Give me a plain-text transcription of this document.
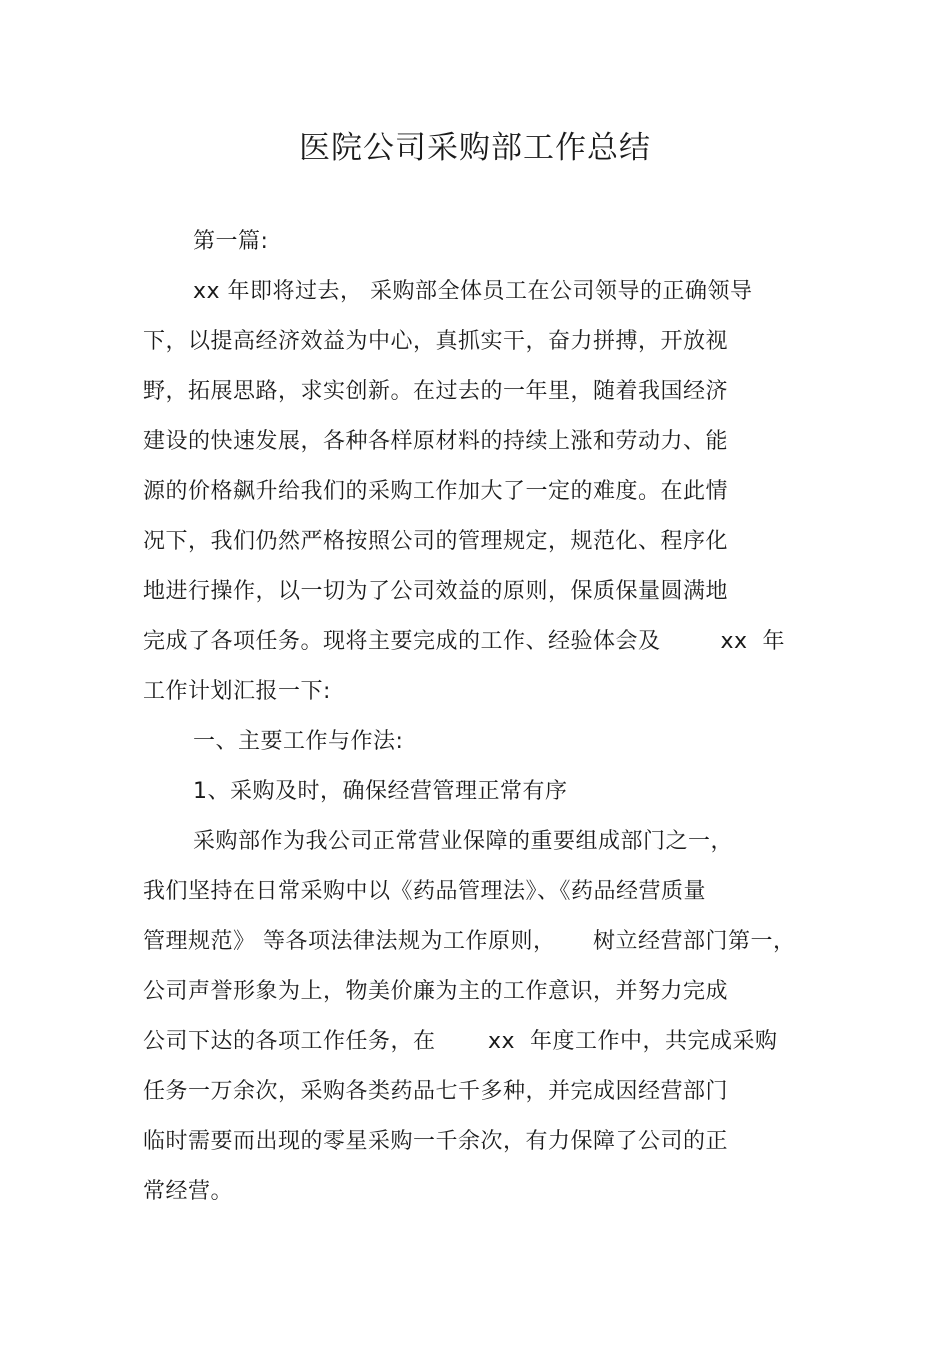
医院公司采购部工作总结
第一篇:
xx 年即将过去， 采购部全体员工在公司领导的正确领导
下，以提高经济效益为中心，真抓实干，奋力拼搏，开放视
野，拓展思路，求实创新。在过去的一年里，随着我国经济
建设的快速发展，各种各样原材料的持续上涨和劳动力、能
源的价格飙升给我们的采购工作加大了一定的难度。在此情
况下，我们仍然严格按照公司的管理规定，规范化、程序化
地进行操作，以一切为了公司效益的原则，保质保量圆满地
完成了各项任务。现将主要完成的工作、经验体会及        xx  年
工作计划汇报一下:
一、主要工作与作法:
1、采购及时，确保经营管理正常有序
采购部作为我公司正常营业保障的重要组成部门之一，
我们坚持在日常采购中以《药品管理法》、《药品经营质量
管理规范》 等各项法律法规为工作原则，     树立经营部门第一，
公司声誉形象为上，物美价廉为主的工作意识，并努力完成
公司下达的各项工作任务，在       xx  年度工作中，共完成采购
任务一万余次，采购各类药品七千多种，并完成因经营部门
临时需要而出现的零星采购一千余次，有力保障了公司的正
常经营。
